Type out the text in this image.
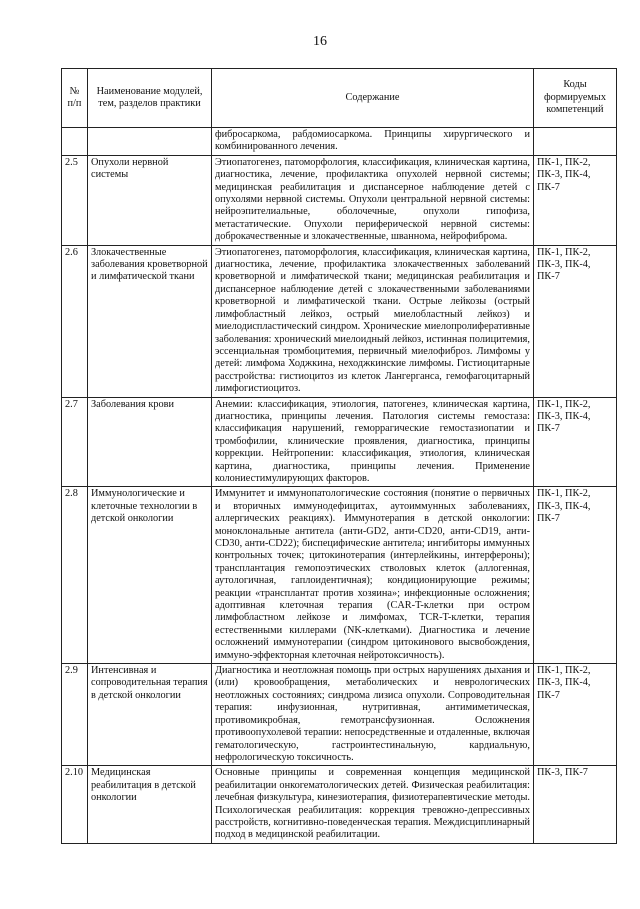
16
№ п/п	Наименование модулей, тем, разделов практики	Содержание	Коды формируемых компетенций
		фибросаркома, рабдомиосаркома. Принципы хирургического и комбинированного лечения.	
2.5	Опухоли нервной системы	Этиопатогенез, патоморфология, классификация, клиническая картина, диагностика, лечение, профилактика опухолей нервной системы; медицинская реабилитация и диспансерное наблюдение детей с опухолями нервной системы. Опухоли центральной нервной системы: нейроэпителиальные, оболочечные, опухоли гипофиза, метастатические. Опухоли периферической нервной системы: доброкачественные и злокачественные, шваннома, нейрофиброма.	ПК-1, ПК-2, ПК-3, ПК-4, ПК-7
2.6	Злокачественные заболевания кроветворной и лимфатической ткани	Этиопатогенез, патоморфология, классификация, клиническая картина, диагностика, лечение, профилактика злокачественных заболеваний кроветворной и лимфатической ткани; медицинская реабилитация и диспансерное наблюдение детей с злокачественными заболеваниями кроветворной и лимфатической ткани. Острые лейкозы (острый лимфобластный лейкоз, острый миелобластный лейкоз) и миелодиспластический синдром. Хронические миелопролиферативные заболевания: хронический миелоидный лейкоз, истинная полицитемия, эссенциальная тромбоцитемия, первичный миелофиброз. Лимфомы у детей: лимфома Ходжкина, неходжкинские лимфомы. Гистиоцитарные расстройства: гистиоцитоз из клеток Лангерганса, гемофагоцитарный лимфогистиоцитоз.	ПК-1, ПК-2, ПК-3, ПК-4, ПК-7
2.7	Заболевания крови	Анемии: классификация, этиология, патогенез, клиническая картина, диагностика, принципы лечения. Патология системы гемостаза: классификация нарушений, геморрагические гемостазиопатии и тромбофилии, клинические проявления, диагностика, принципы коррекции. Нейтропении: классификация, этиология, клиническая картина, диагностика, принципы лечения. Применение колониестимулирующих факторов.	ПК-1, ПК-2, ПК-3, ПК-4, ПК-7
2.8	Иммунологические и клеточные технологии в детской онкологии	Иммунитет и иммунопатологические состояния (понятие о первичных и вторичных иммунодефицитах, аутоиммунных заболеваниях, аллергических реакциях). Иммунотерапия в детской онкологии: моноклональные антитела (анти-GD2, анти-CD20, анти-CD19, анти-CD30, анти-CD22); биспецифические антитела; ингибиторы иммунных контрольных точек; цитокинотерапия (интерлейкины, интерфероны); трансплантация гемопоэтических стволовых клеток (аллогенная, аутологичная, гаплоидентичная); кондиционирующие режимы; реакции «трансплантат против хозяина»; инфекционные осложнения; адоптивная клеточная терапия (CAR-T-клетки при остром лимфобластном лейкозе и лимфомах, TCR-T-клетки, терапия естественными киллерами (NK-клетками). Диагностика и лечение осложнений иммунотерапии (синдром цитокинового высвобождения, иммуно-эффекторная клеточная нейротоксичность).	ПК-1, ПК-2, ПК-3, ПК-4, ПК-7
2.9	Интенсивная и сопроводительная терапия в детской онкологии	Диагностика и неотложная помощь при острых нарушениях дыхания и (или) кровообращения, метаболических и неврологических неотложных состояниях; синдрома лизиса опухоли. Сопроводительная терапия: инфузионная, нутритивная, антимиметическая, противомикробная, гемотрансфузионная. Осложнения противоопухолевой терапии: непосредственные и отдаленные, включая гематологическую, гастроинтестинальную, кардиальную, нефрологическую токсичность.	ПК-1, ПК-2, ПК-3, ПК-4, ПК-7
2.10	Медицинская реабилитация в детской онкологии	Основные принципы и современная концепция медицинской реабилитации онкогематологических детей. Физическая реабилитация: лечебная физкультура, кинезиотерапия, физиотерапевтические методы. Психологическая реабилитация: коррекция тревожно-депрессивных расстройств, когнитивно-поведенческая терапия. Междисциплинарный подход в медицинской реабилитации.	ПК-3, ПК-7
